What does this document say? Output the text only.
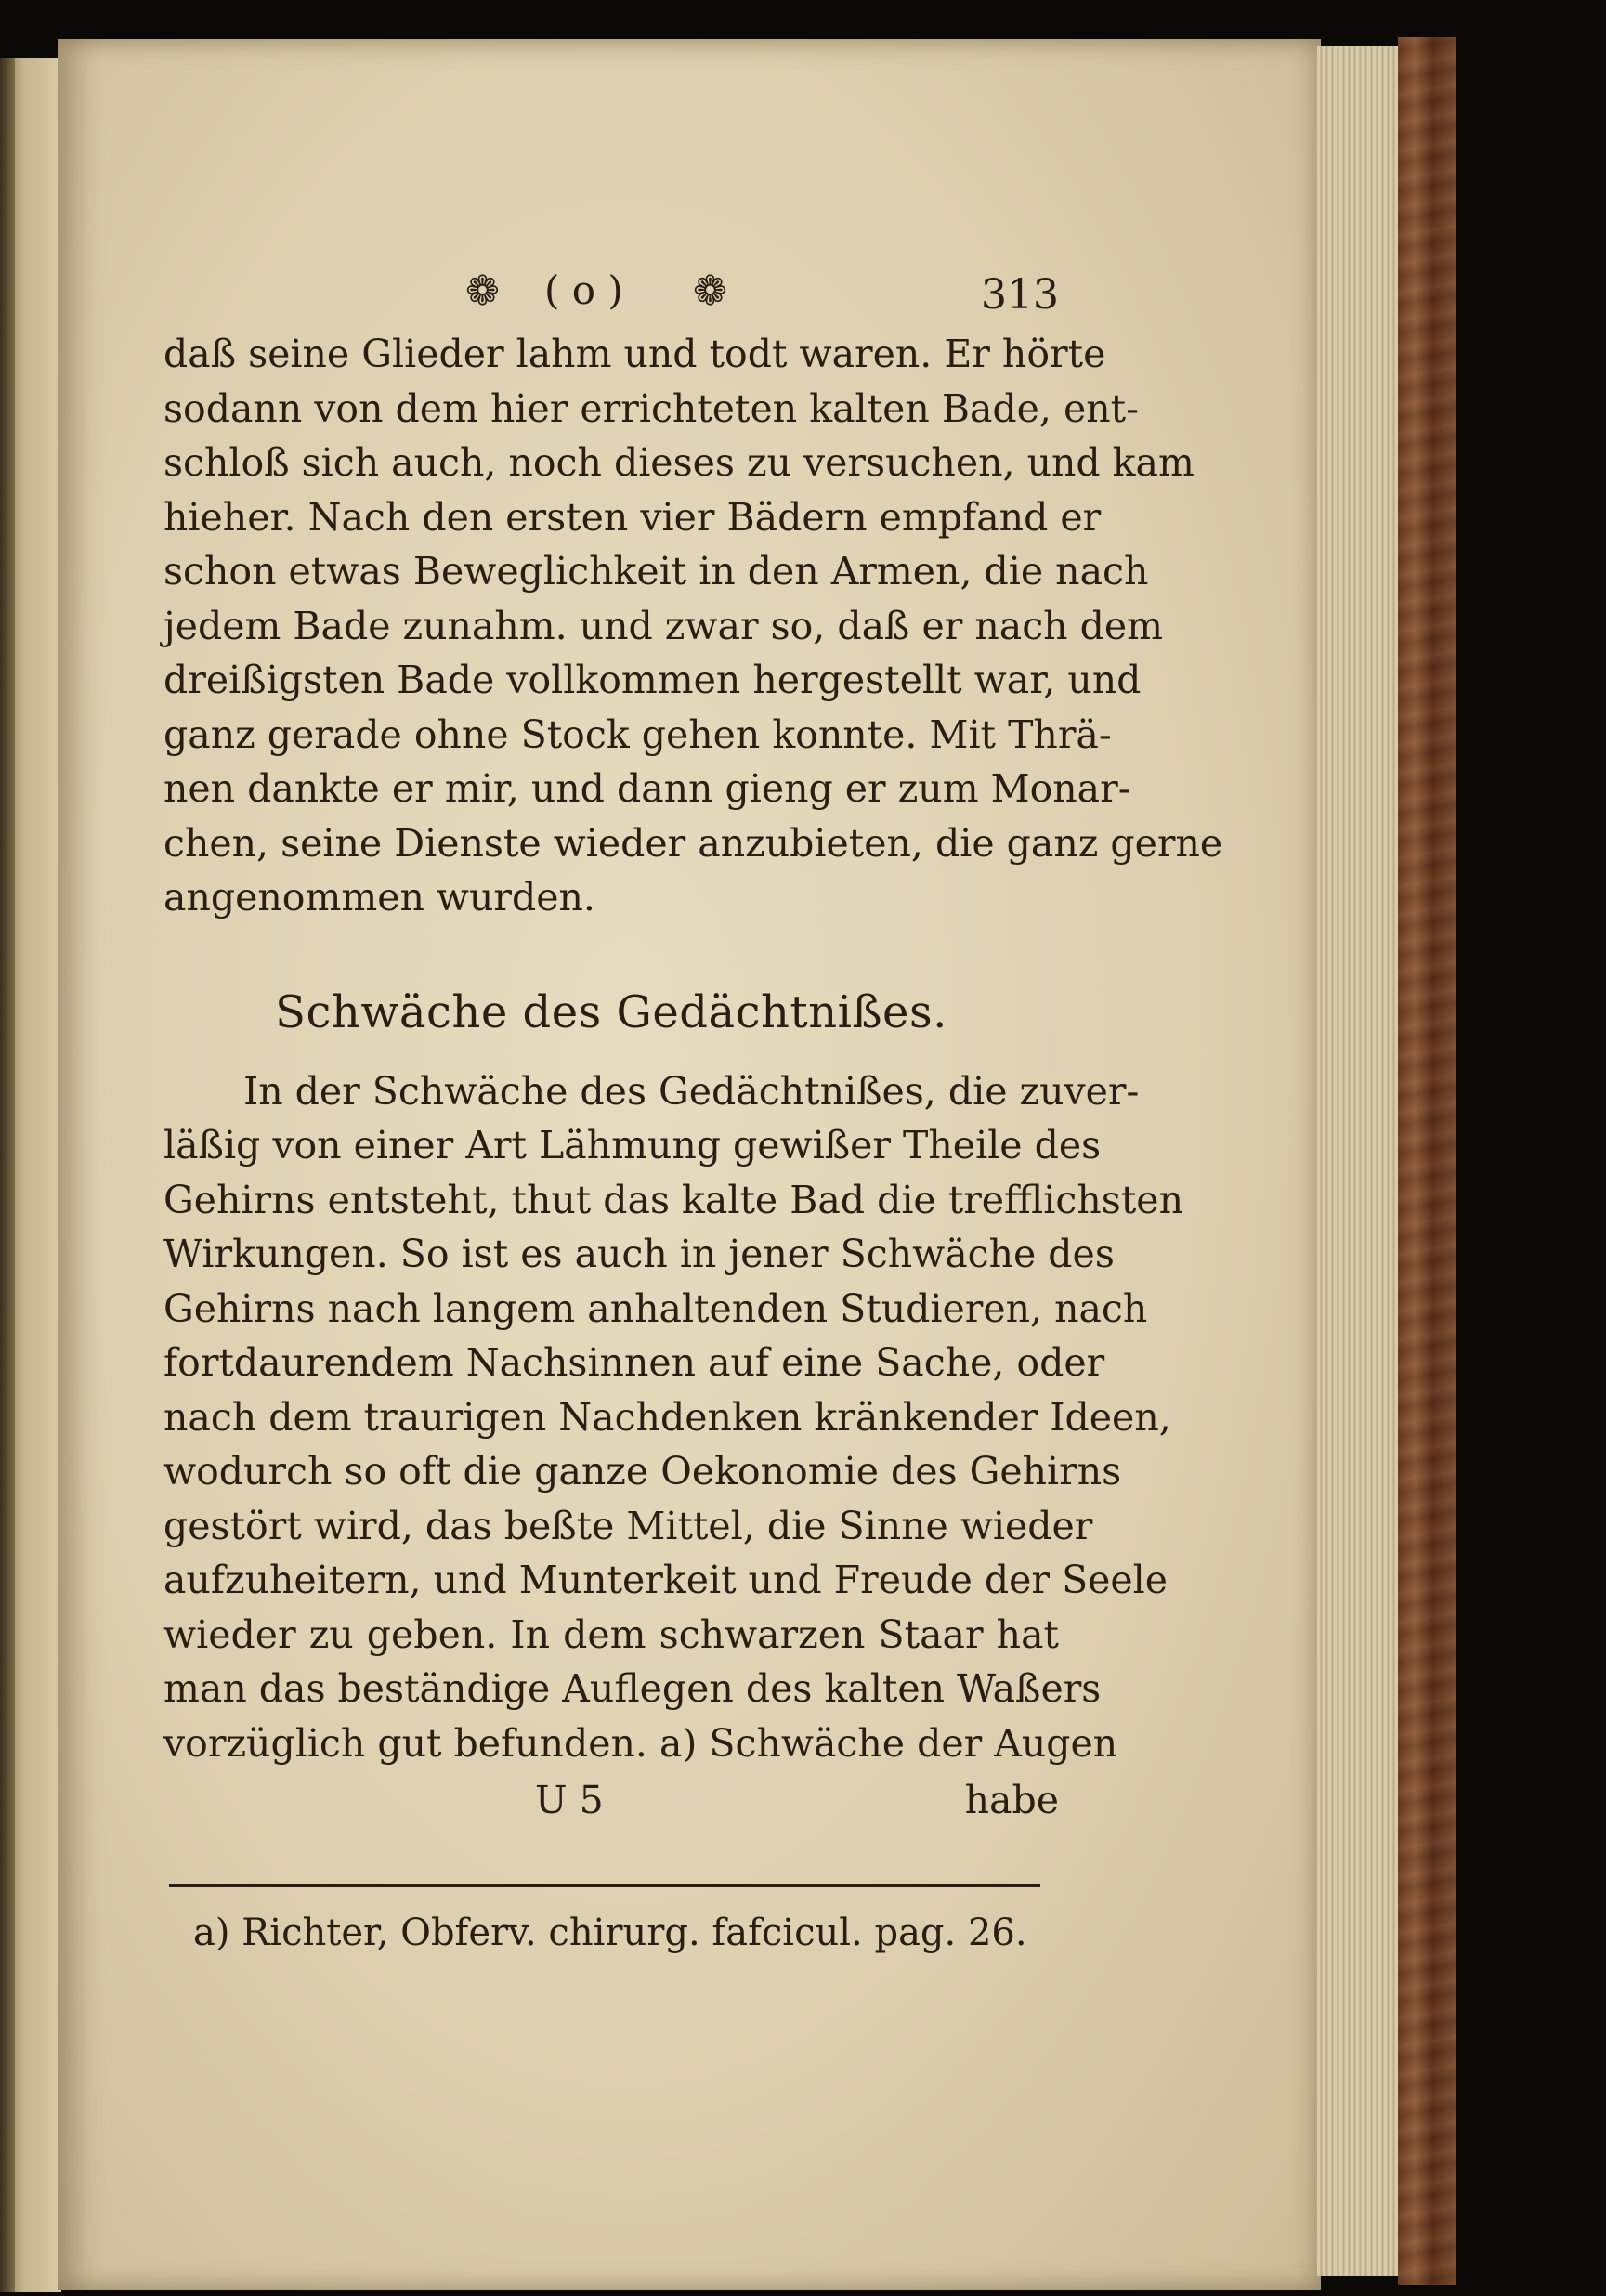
❁ ( o ) ❁	313
daß seine Glieder lahm und todt waren. Er hörte
sodann von dem hier errichteten kalten Bade, ent-
schloß sich auch, noch dieses zu versuchen, und kam
hieher. Nach den ersten vier Bädern empfand er
schon etwas Beweglichkeit in den Armen, die nach
jedem Bade zunahm. und zwar so, daß er nach dem
dreißigsten Bade vollkommen hergestellt war, und
ganz gerade ohne Stock gehen konnte. Mit Thrä-
nen dankte er mir, und dann gieng er zum Monar-
chen, seine Dienste wieder anzubieten, die ganz gerne
angenommen wurden.
Schwäche des Gedächtnißes.
In der Schwäche des Gedächtnißes, die zuver-
läßig von einer Art Lähmung gewißer Theile des
Gehirns entsteht, thut das kalte Bad die trefflichsten
Wirkungen. So ist es auch in jener Schwäche des
Gehirns nach langem anhaltenden Studieren, nach
fortdaurendem Nachsinnen auf eine Sache, oder
nach dem traurigen Nachdenken kränkender Ideen,
wodurch so oft die ganze Oekonomie des Gehirns
gestört wird, das beßte Mittel, die Sinne wieder
aufzuheitern, und Munterkeit und Freude der Seele
wieder zu geben. In dem schwarzen Staar hat
man das beständige Auflegen des kalten Waßers
vorzüglich gut befunden. a) Schwäche der Augen
U 5	habe
a) Richter, Obferv. chirurg. fafcicul. pag. 26.
